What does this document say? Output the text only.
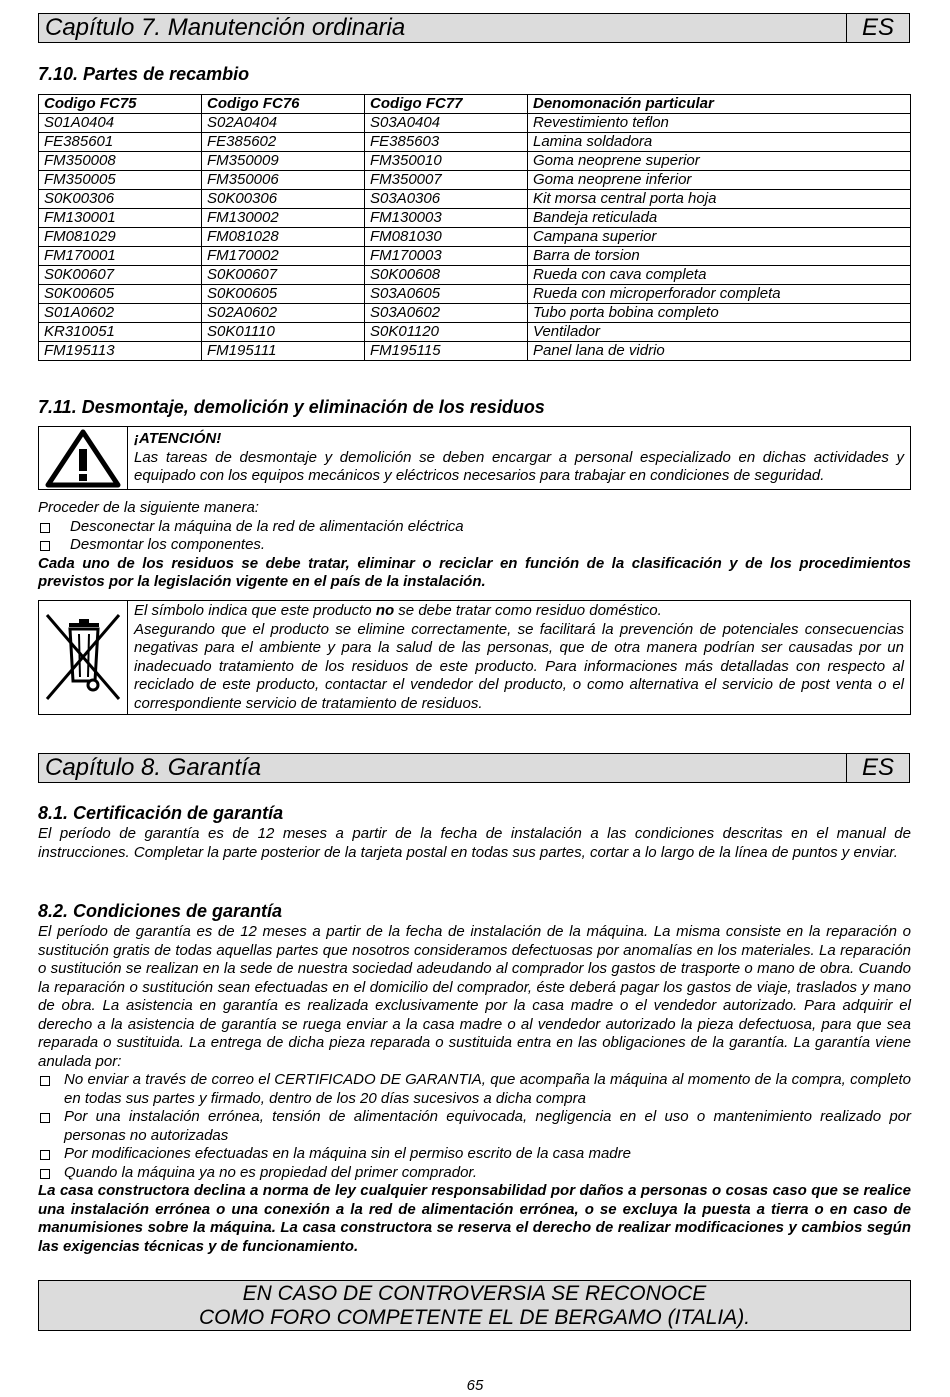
Capítulo 7. Manutención ordinaria	ES
7.10. Partes de recambio
Codigo FC75	Codigo FC76	Codigo FC77	Denomonación particular
S01A0404	S02A0404	S03A0404	Revestimiento teflon
FE385601	FE385602	FE385603	Lamina soldadora
FM350008	FM350009	FM350010	Goma neoprene superior
FM350005	FM350006	FM350007	Goma neoprene inferior
S0K00306	S0K00306	S03A0306	Kit morsa central porta hoja
FM130001	FM130002	FM130003	Bandeja reticulada
FM081029	FM081028	FM081030	Campana superior
FM170001	FM170002	FM170003	Barra de torsion
S0K00607	S0K00607	S0K00608	Rueda con cava completa
S0K00605	S0K00605	S03A0605	Rueda con microperforador completa
S01A0602	S02A0602	S03A0602	Tubo porta bobina completo
KR310051	S0K01110	S0K01120	Ventilador
FM195113	FM195111	FM195115	Panel lana de vidrio
7.11. Desmontaje, demolición y eliminación de los residuos
¡ATENCIÓN!
Las tareas de desmontaje y demolición se deben encargar a personal especializado en dichas actividades y equipado con los equipos mecánicos y eléctricos necesarios para trabajar en condiciones de seguridad.
Proceder de la siguiente manera:
Desconectar la máquina de la red de alimentación eléctrica
Desmontar los componentes.
Cada uno de los residuos se debe tratar, eliminar o reciclar en función de la clasificación y de los procedimientos previstos por la legislación vigente en el país de la instalación.
El símbolo indica que este producto no se debe tratar como residuo doméstico.
Asegurando que el producto se elimine correctamente, se facilitará la prevención de potenciales consecuencias negativas para el ambiente y para la salud de las personas, que de otra manera podrían ser causadas por un inadecuado tratamiento de los residuos de este producto. Para informaciones más detalladas con respecto al reciclado de este producto, contactar el vendedor del producto, o como alternativa el servicio de post venta o el correspondiente servicio de tratamiento de residuos.
Capítulo 8. Garantía	ES
8.1. Certificación de garantía
El período de garantía es de 12 meses a partir de la fecha de instalación a las condiciones descritas en el manual de instrucciones. Completar la parte posterior de la tarjeta postal en todas sus partes, cortar a lo largo de la línea de puntos y enviar.
8.2. Condiciones de garantía
El período de garantía es de 12 meses a partir de la fecha de instalación de la máquina. La misma consiste en la reparación o sustitución gratis de todas aquellas partes que nosotros consideramos defectuosas por anomalías en los materiales. La reparación o sustitución se realizan en la sede de nuestra sociedad adeudando al comprador los gastos de trasporte o mano de obra. Cuando la reparación o sustitución sean efectuadas en el domicilio del comprador, éste deberá pagar los gastos de viaje, traslados y mano de obra. La asistencia en garantía es realizada exclusivamente por la casa madre o el vendedor autorizado. Para adquirir el derecho a la asistencia de garantía se ruega enviar a la casa madre o al vendedor autorizado la pieza defectuosa, para que sea reparada o sustituida. La entrega de dicha pieza reparada o sustituida entra en las obligaciones de la garantía. La garantía viene anulada por:
No enviar a través de correo el CERTIFICADO DE GARANTIA, que acompaña la máquina al momento de la compra, completo en todas sus partes y firmado, dentro de los 20 días sucesivos a dicha compra
Por una instalación errónea, tensión de alimentación equivocada, negligencia en el uso o mantenimiento realizado por personas no autorizadas
Por modificaciones efectuadas en la máquina sin el permiso escrito de la casa madre
Quando la máquina ya no es propiedad del primer comprador.
La casa constructora declina a norma de ley cualquier responsabilidad por daños a personas o cosas caso que se realice una instalación errónea o una conexión a la red de alimentación errónea, o se excluya la puesta a tierra o en caso de manumisiones sobre la máquina. La casa constructora se reserva el derecho de realizar modificaciones y cambios según las exigencias técnicas y de funcionamiento.
EN CASO DE CONTROVERSIA SE RECONOCE
COMO FORO COMPETENTE EL DE BERGAMO (ITALIA).
65
